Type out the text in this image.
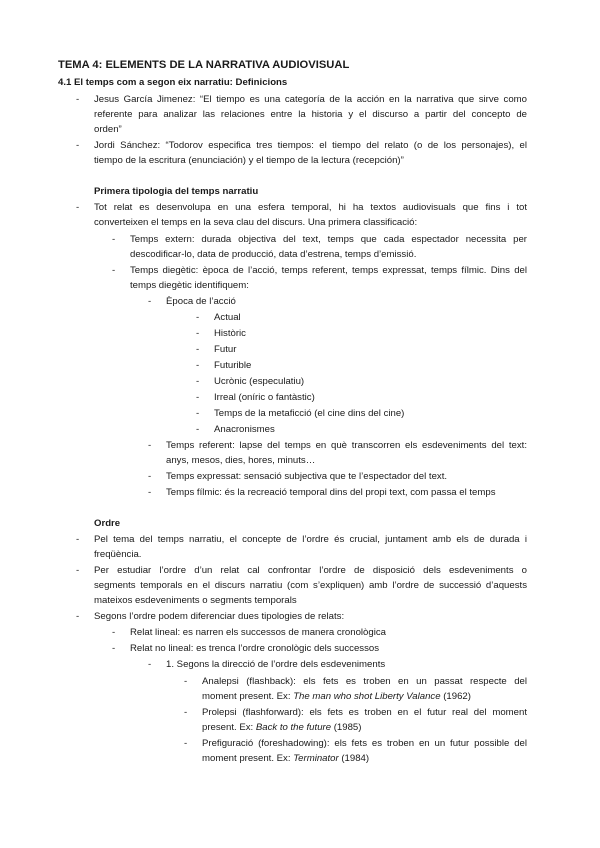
TEMA 4: ELEMENTS DE LA NARRATIVA AUDIOVISUAL
4.1 El temps com a segon eix narratiu: Definicions
- Jesus García Jimenez: “El tiempo es una categoría de la acción en la narrativa que sirve como
referente para analizar las relaciones entre la historia y el discurso a partir del concepto de
orden”
- Jordi Sánchez: “Todorov especifica tres tiempos: el tiempo del relato (o de los personajes), el
tiempo de la escritura (enunciación) y el tiempo de la lectura (recepción)”
Primera tipologia del temps narratiu
- Tot relat es desenvolupa en una esfera temporal, hi ha textos audiovisuals que fins i tot
converteixen el temps en la seva clau del discurs. Una primera classificació:
- Temps extern: durada objectiva del text, temps que cada espectador necessita per
descodificar-lo, data de producció, data d’estrena, temps d’emissió.
- Temps diegètic: època de l’acció, temps referent, temps expressat, temps fílmic. Dins del
temps diegètic identifiquem:
- Època de l’acció
- Actual
- Històric
- Futur
- Futurible
- Ucrònic (especulatiu)
- Irreal (oníric o fantàstic)
- Temps de la metaficció (el cine dins del cine)
- Anacronismes
- Temps referent: lapse del temps en què transcorren els esdeveniments del text:
anys, mesos, dies, hores, minuts…
- Temps expressat: sensació subjectiva que te l’espectador del text.
- Temps fílmic: és la recreació temporal dins del propi text, com passa el temps
Ordre
- Pel tema del temps narratiu, el concepte de l’ordre és crucial, juntament amb els de durada i
freqüència.
- Per estudiar l’ordre d’un relat cal confrontar l’ordre de disposició dels esdeveniments o
segments temporals en el discurs narratiu (com s’expliquen) amb l’ordre de successió d’aquests
mateixos esdeveniments o segments temporals
- Segons l’ordre podem diferenciar dues tipologies de relats:
- Relat lineal: es narren els successos de manera cronològica
- Relat no lineal: es trenca l’ordre cronològic dels successos
- 1. Segons la direcció de l’ordre dels esdeveniments
- Analepsi (flashback): els fets es troben en un passat respecte del
moment present. Ex: The man who shot Liberty Valance (1962)
- Prolepsi (flashforward): els fets es troben en el futur real del moment
present. Ex: Back to the future (1985)
- Prefiguració (foreshadowing): els fets es troben en un futur possible del
moment present. Ex: Terminator (1984)
